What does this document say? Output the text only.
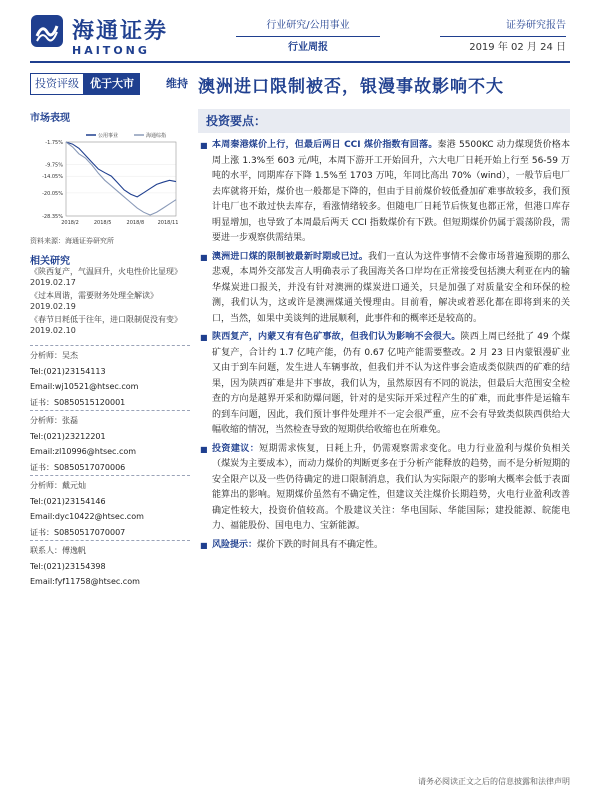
海通证券
HAITONG
行业研究/公用事业
行业周报
证券研究报告
2019 年 02 月 24 日
投资评级	优于大市	维持 澳洲进口限制被否，银漫事故影响不大
市场表现
公用事业	海通综指
-1.75%
-9.75%
-14.05%
-20.05%
-28.35%
2018/2	2018/5	2018/8	2018/11
资料来源：海通证券研究所
相关研究
《陕西复产，气温回升，火电性价比显现》
2019.02.17
《过本周谐，需要财务处理全解读》
2019.02.19
《春节日耗低于往年，进口限制促没有变》
2019.02.10
分析师：吴杰
Tel:(021)23154113
Email:wj10521@htsec.com
证书：S0850515120001
分析师：张磊
Tel:(021)23212201
Email:zl10996@htsec.com
证书：S0850517070006
分析师：戴元灿
Tel:(021)23154146
Email:dyc10422@htsec.com
证书：S0850517070007
联系人：傅逸帆
Tel:(021)23154398
Email:fyf11758@htsec.com
投资要点：
■ 本周秦港煤价上行，但最后两日 CCI 煤价指数有回落。秦港 5500KC 动力煤现货价格本周上涨 1.3%至 603 元/吨，本周下游开工开始回升，六大电厂日耗开始上行至 56-59 万吨的水平，同期库存下降 1.5%至 1703 万吨，年同比高出 70%（wind），一般节后电厂去库就将开始，煤价也一般都是下降的，但由于目前煤价较低叠加矿难事故较多，我们预计电厂也不敢过快去库存，看涨情绪较多。但随电厂日耗节后恢复也都正常，但港口库存明显增加，也导致了本周最后两天 CCI 指数煤价有下跌。但短期煤价仍属于震荡阶段，需要进一步观察供需结果。
■ 澳洲进口煤的限制被最新时期或已过。我们一直认为这件事情不会像市场普遍预期的那么悲观，本周外交部发言人明确表示了我国海关各口岸均在正常接受包括澳大利亚在内的输华煤炭进口报关，并没有针对澳洲的煤炭进口通关，只是加强了对质量安全和环保的检测，我们认为，这或许是澳洲煤通关慢理由。目前看，解决或着恶化都在即将到来的关口，当然，如果中美谈判的进展顺利，此事件和的概率还是较高的。
■ 陕西复产，内蒙又有有色矿事故，但我们认为影响不会很大。陕西上周已经批了 49 个煤矿复产，合计约 1.7 亿吨产能，仍有 0.67 亿吨产能需要整改。2 月 23 日内蒙银漫矿业又由于到车问题，发生进人车辆事故，但我们并不认为这件事会造成类似陕西的矿难的结果，因为陕西矿难是井下事故，我们认为，虽然原因有不同的说法，但最后大范围安全检查的方向是越界开采和防爆问题，针对的是实际开采过程产生的矿难，而此事件是运输车的到车问题，因此，我们预计事件处理并不一定会很严重，应不会有导致类似陕西供给大幅收缩的情况，当然检查导致的短期供给收缩也在所难免。
■ 投资建议：短期需求恢复，日耗上升，仍需观察需求变化。电力行业盈利与煤价负相关（煤炭为主要成本），而动力煤价的判断更多在于分析产能释放的趋势，而不是分析短期的安全限产以及一些仍待确定的进口限制消息，我们认为实际限产的影响大概率会低于表面能算出的影响。短期煤价虽然有不确定性，但建议关注煤价长期趋势，火电行业盈利改善确定性较大，投资价值较高。个股建议关注：华电国际、华能国际；建投能源、皖能电力、福能股份、国电电力、宝新能源。
■ 风险提示：煤价下跌的时间具有不确定性。
请务必阅读正文之后的信息披露和法律声明
